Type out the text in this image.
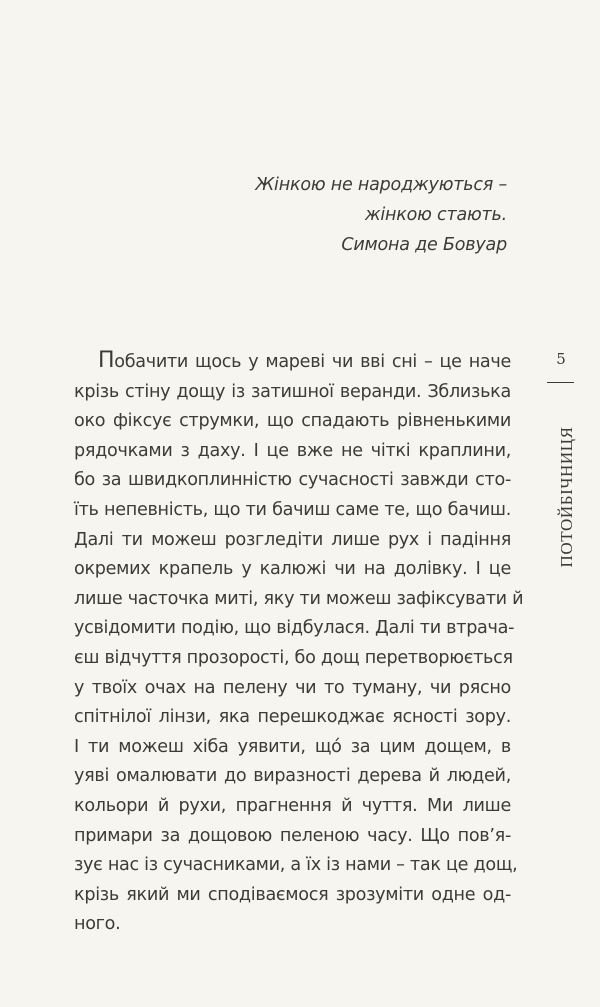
Жінкою не народжуються –
жінкою стають.
Симона де Бовуар
Побачити щось у мареві чи вві сні – це наче
крізь стіну дощу із затишної веранди. Зблизька
око фіксує струмки, що спадають рівненькими
рядочками з даху. І це вже не чіткі краплини,
бо за швидкоплинністю сучасності завжди сто-
їть непевність, що ти бачиш саме те, що бачиш.
Далі ти можеш розгледіти лише рух і падіння
окремих крапель у калюжі чи на долівку. І це
лише часточка миті, яку ти можеш зафіксувати й
усвідомити подію, що відбулася. Далі ти втрача-
єш відчуття прозорості, бо дощ перетворюється
у твоїх очах на пелену чи то туману, чи рясно
спітнілої лінзи, яка перешкоджає ясності зору.
І ти можеш хіба уявити, щó за цим дощем, в
уяві омалювати до виразності дерева й людей,
кольори й рухи, прагнення й чуття. Ми лише
примари за дощовою пеленою часу. Що пов’я-
зує нас із сучасниками, а їх із нами – так це дощ,
крізь який ми сподіваємося зрозуміти одне од-
ного.
5
ПОТОЙБІЧНИЦЯ
